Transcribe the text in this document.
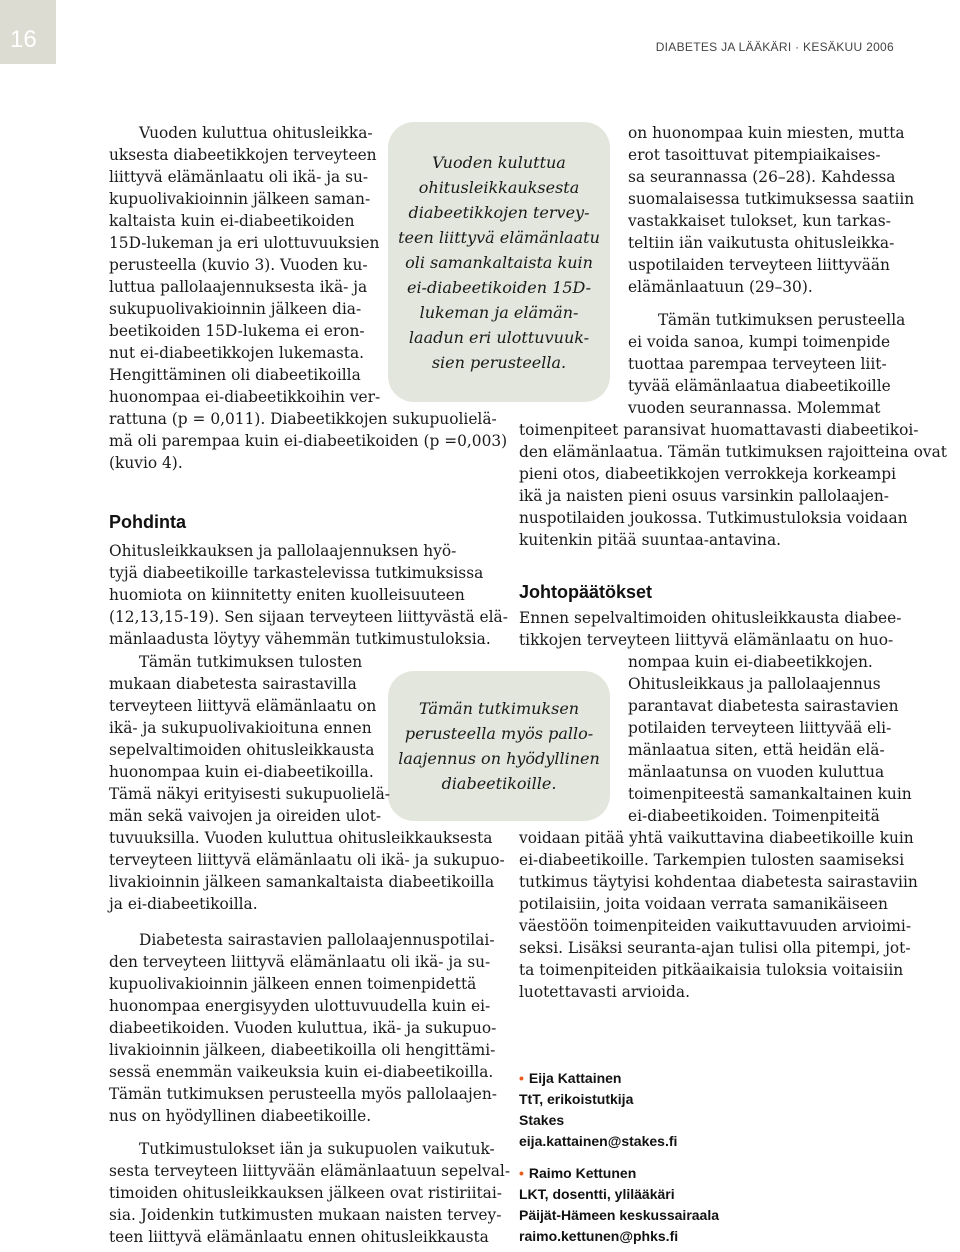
16	DIABETES JA LÄÄKÄRI · KESÄKUU 2006
Vuoden kuluttua ohitusleikka-
uksesta diabeetikkojen terveyteen
liittyvä elämänlaatu oli ikä- ja su-
kupuolivakioinnin jälkeen saman-
kaltaista kuin ei-diabeetikoiden
15D-lukeman ja eri ulottuvuuksien
perusteella (kuvio 3). Vuoden ku-
luttua pallolaajennuksesta ikä- ja
sukupuolivakioinnin jälkeen dia-
beetikoiden 15D-lukema ei eron-
nut ei-diabeetikkojen lukemasta.
Hengittäminen oli diabeetikoilla
huonompaa ei-diabeetikkoihin ver-
rattuna (p = 0,011). Diabeetikkojen sukupuolielä-
mä oli parempaa kuin ei-diabeetikoiden (p =0,003)
(kuvio 4).
Pohdinta
Ohitusleikkauksen ja pallolaajennuksen hyö-
tyjä diabeetikoille tarkastelevissa tutkimuksissa
huomiota on kiinnitetty eniten kuolleisuuteen
(12,13,15-19). Sen sijaan terveyteen liittyvästä elä-
mänlaadusta löytyy vähemmän tutkimustuloksia.
Tämän tutkimuksen tulosten
mukaan diabetesta sairastavilla
terveyteen liittyvä elämänlaatu on
ikä- ja sukupuolivakioituna ennen
sepelvaltimoiden ohitusleikkausta
huonompaa kuin ei-diabeetikoilla.
Tämä näkyi erityisesti sukupuolielä-
män sekä vaivojen ja oireiden ulot-
tuvuuksilla. Vuoden kuluttua ohitusleikkauksesta
terveyteen liittyvä elämänlaatu oli ikä- ja sukupuo-
livakioinnin jälkeen samankaltaista diabeetikoilla
ja ei-diabeetikoilla.
Diabetesta sairastavien pallolaajennuspotilai-
den terveyteen liittyvä elämänlaatu oli ikä- ja su-
kupuolivakioinnin jälkeen ennen toimenpidettä
huonompaa energisyyden ulottuvuudella kuin ei-
diabeetikoiden. Vuoden kuluttua, ikä- ja sukupuo-
livakioinnin jälkeen, diabeetikoilla oli hengittämi-
sessä enemmän vaikeuksia kuin ei-diabeetikoilla.
Tämän tutkimuksen perusteella myös pallolaajen-
nus on hyödyllinen diabeetikoille.
Tutkimustulokset iän ja sukupuolen vaikutuk-
sesta terveyteen liittyvään elämänlaatuun sepelval-
timoiden ohitusleikkauksen jälkeen ovat ristiriitai-
sia. Joidenkin tutkimusten mukaan naisten tervey-
teen liittyvä elämänlaatu ennen ohitusleikkausta
on huonompaa kuin miesten, mutta
erot tasoittuvat pitempiaikaises-
sa seurannassa (26–28). Kahdessa
suomalaisessa tutkimuksessa saatiin
vastakkaiset tulokset, kun tarkas-
teltiin iän vaikutusta ohitusleikka-
uspotilaiden terveyteen liittyvään
elämänlaatuun (29–30).
Tämän tutkimuksen perusteella
ei voida sanoa, kumpi toimenpide
tuottaa parempaa terveyteen liit-
tyvää elämänlaatua diabeetikoille
vuoden seurannassa. Molemmat
toimenpiteet paransivat huomattavasti diabeetikoi-
den elämänlaatua. Tämän tutkimuksen rajoitteina ovat
pieni otos, diabeetikkojen verrokkeja korkeampi
ikä ja naisten pieni osuus varsinkin pallolaajen-
nuspotilaiden joukossa. Tutkimustuloksia voidaan
kuitenkin pitää suuntaa-antavina.
Johtopäätökset
Ennen sepelvaltimoiden ohitusleikkausta diabee-
tikkojen terveyteen liittyvä elämänlaatu on huo-
nompaa kuin ei-diabeetikkojen.
Ohitusleikkaus ja pallolaajennus
parantavat diabetesta sairastavien
potilaiden terveyteen liittyvää eli-
mänlaatua siten, että heidän elä-
mänlaatunsa on vuoden kuluttua
toimenpiteestä samankaltainen kuin
ei-diabeetikoiden. Toimenpiteitä
voidaan pitää yhtä vaikuttavina diabeetikoille kuin
ei-diabeetikoille. Tarkempien tulosten saamiseksi
tutkimus täytyisi kohdentaa diabetesta sairastaviin
potilaisiin, joita voidaan verrata samanikäiseen
väestöön toimenpiteiden vaikuttavuuden arvioimi-
seksi. Lisäksi seuranta-ajan tulisi olla pitempi, jot-
ta toimenpiteiden pitkäaikaisia tuloksia voitaisiin
luotettavasti arvioida.
Vuoden kuluttua
ohitusleikkauksesta
diabeetikkojen tervey-
teen liittyvä elämänlaatu
oli samankaltaista kuin
ei-diabeetikoiden 15D-
lukeman ja elämän-
laadun eri ulottuvuuk-
sien perusteella.
Tämän tutkimuksen
perusteella myös pallo-
laajennus on hyödyllinen
diabeetikoille.
• Eija Kattainen
TtT, erikoistutkija
Stakes
eija.kattainen@stakes.fi
• Raimo Kettunen
LKT, dosentti, ylilääkäri
Päijät-Hämeen keskussairaala
raimo.kettunen@phks.fi
